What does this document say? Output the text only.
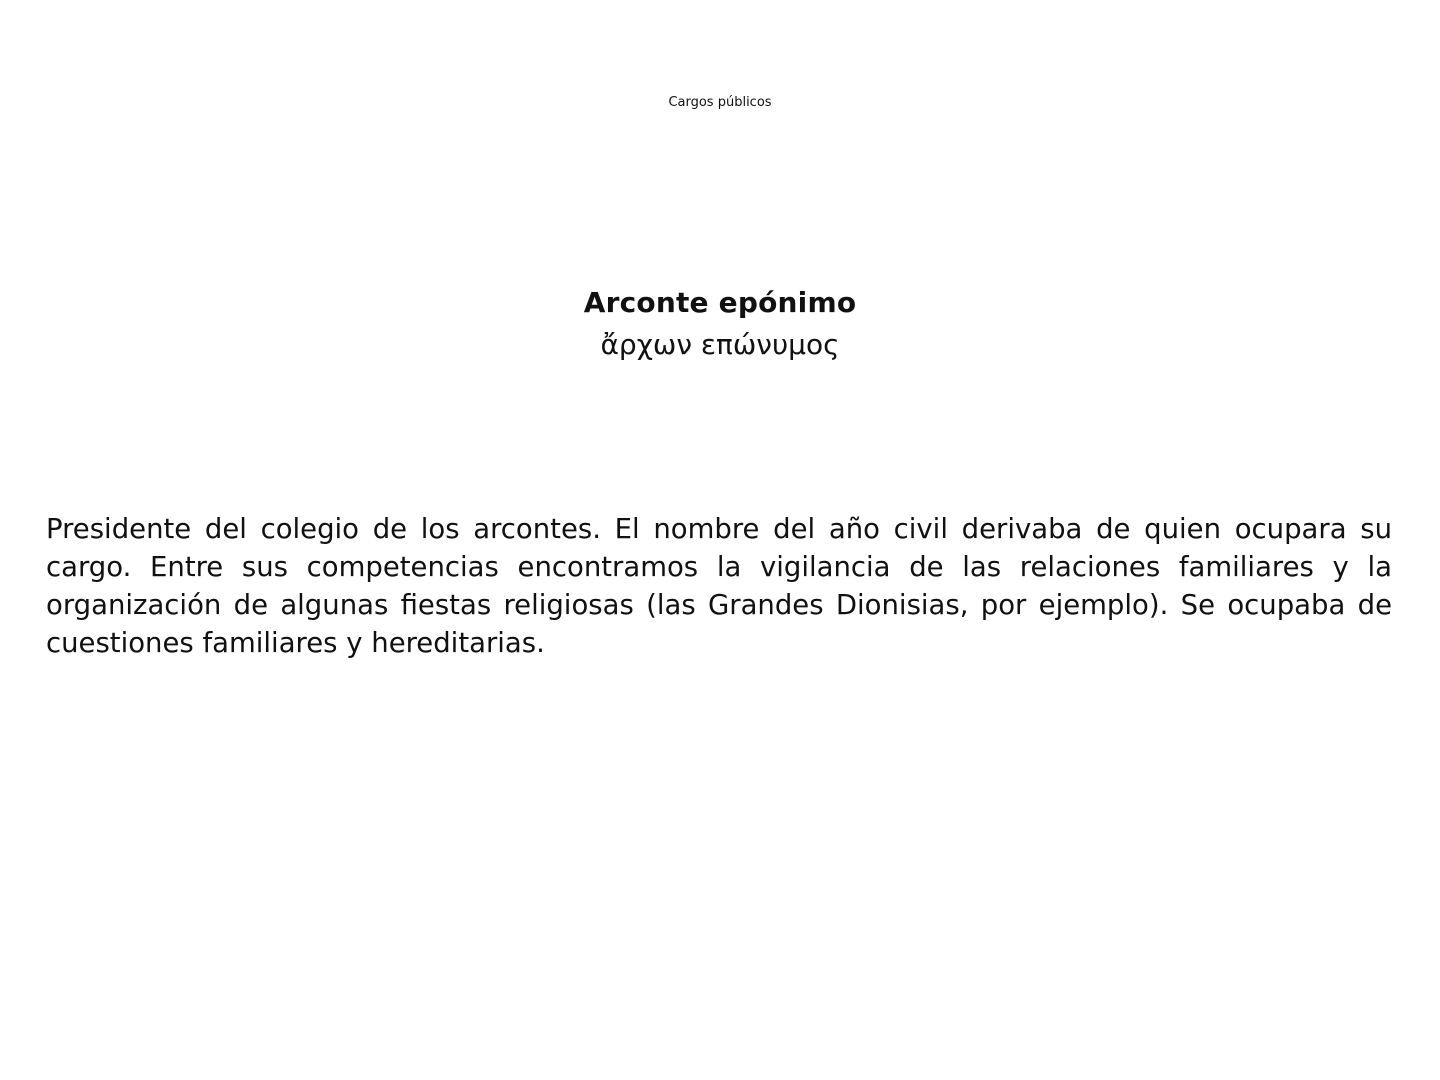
Cargos públicos
Arconte epónimo
ἄρχων επώνυμος

Presidente del colegio de los arcontes. El nombre del año civil derivaba de quien ocupara su cargo. Entre sus competencias encontramos la vigilancia de las relaciones familiares y la organización de algunas fiestas religiosas (las Grandes Dionisias, por ejemplo). Se ocupaba de cuestiones familiares y hereditarias.
